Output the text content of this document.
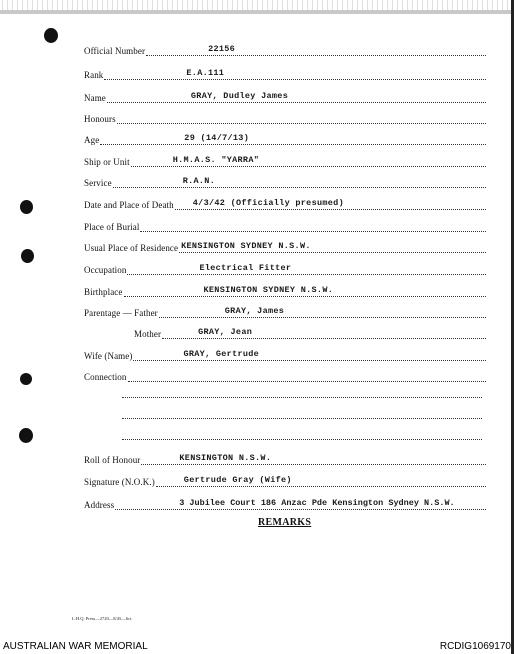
Official Number	22156
Rank	E.A.111
Name	GRAY, Dudley James
Honours
Age	29 (14/7/13)
Ship or Unit	H.M.A.S. "YARRA"
Service	R.A.N.
Date and Place of Death 4/3/42 (Officially presumed)
Place of Burial
Usual Place of Residence KENSINGTON SYDNEY N.S.W.
Occupation	Electrical Fitter
Birthplace	KENSINGTON SYDNEY N.S.W.
Parentage — Father	GRAY, James
Mother	GRAY, Jean
Wife (Name)	GRAY, Gertrude
Connection
Roll of Honour	KENSINGTON N.S.W.
Signature (N.O.K.)	Gertrude Gray (Wife)
Address	3 Jubilee Court 186 Anzac Pde Kensington Sydney N.S.W.
REMARKS
L.H.Q. Press—2720—8/45—6ct.
AUSTRALIAN WAR MEMORIAL	RCDIG1069170
